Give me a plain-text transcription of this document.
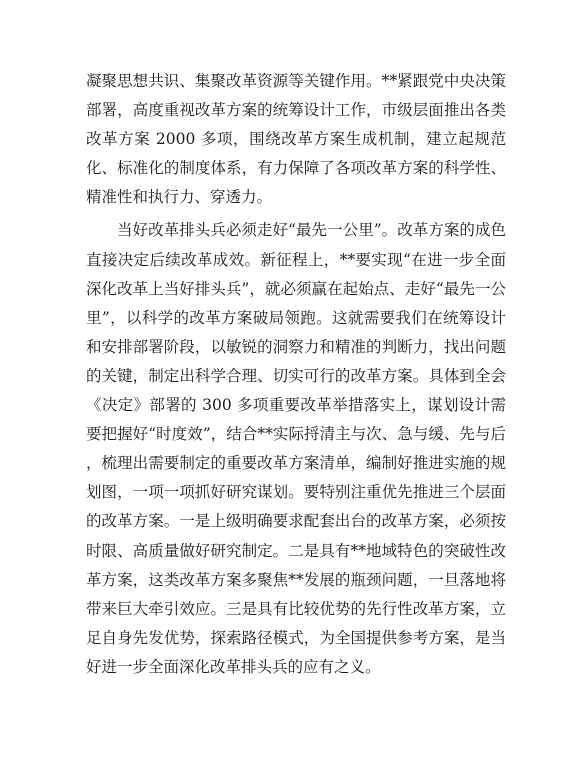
凝聚思想共识、集聚改革资源等关键作用。**紧跟党中央决策部署，高度重视改革方案的统筹设计工作，市级层面推出各类改革方案 2000 多项，围绕改革方案生成机制，建立起规范化、标准化的制度体系，有力保障了各项改革方案的科学性、精准性和执行力、穿透力。

当好改革排头兵必须走好“最先一公里”。改革方案的成色直接决定后续改革成效。新征程上，**要实现“在进一步全面深化改革上当好排头兵”，就必须赢在起始点、走好“最先一公里”，以科学的改革方案破局领跑。这就需要我们在统筹设计和安排部署阶段，以敏锐的洞察力和精准的判断力，找出问题的关键，制定出科学合理、切实可行的改革方案。具体到全会《决定》部署的 300 多项重要改革举措落实上，谋划设计需要把握好“时度效”，结合**实际捋清主与次、急与缓、先与后，梳理出需要制定的重要改革方案清单，编制好推进实施的规划图，一项一项抓好研究谋划。要特别注重优先推进三个层面的改革方案。一是上级明确要求配套出台的改革方案，必须按时限、高质量做好研究制定。二是具有**地域特色的突破性改革方案，这类改革方案多聚焦**发展的瓶颈问题，一旦落地将带来巨大牵引效应。三是具有比较优势的先行性改革方案，立足自身先发优势，探索路径模式，为全国提供参考方案，是当好进一步全面深化改革排头兵的应有之义。
